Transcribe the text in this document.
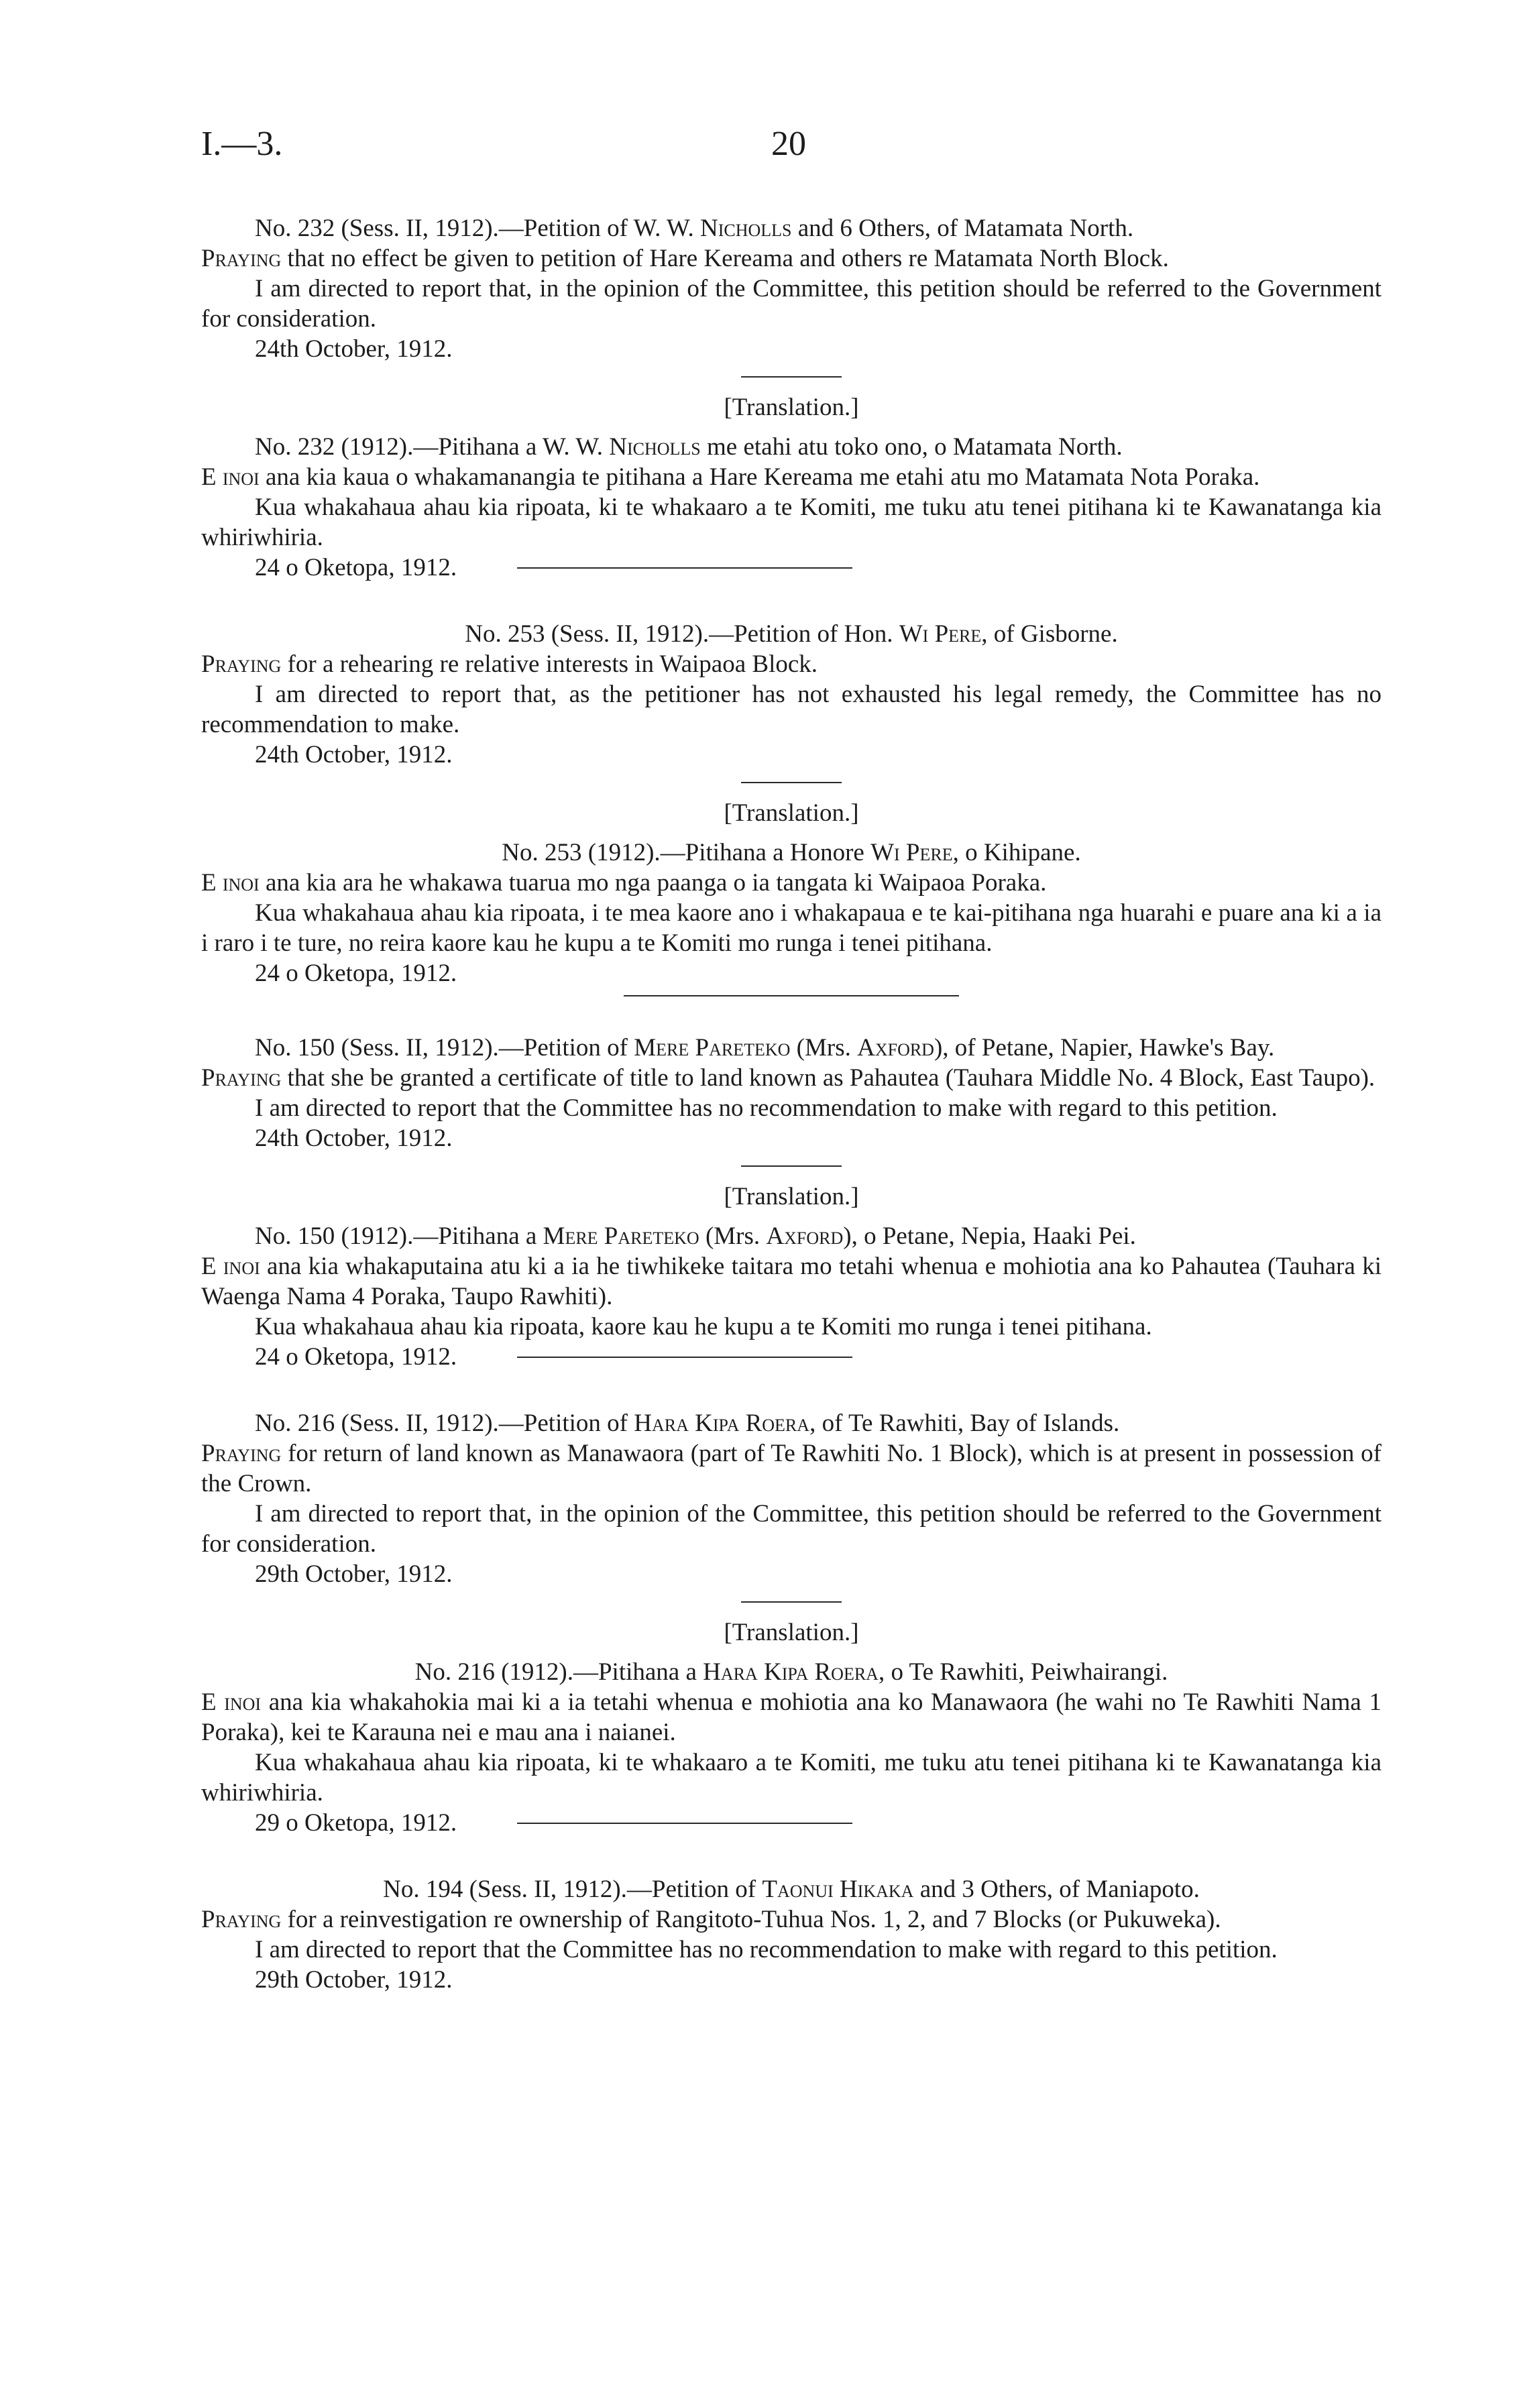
I.—3.	20

No. 232 (Sess. II, 1912).—Petition of W. W. Nicholls and 6 Others, of Matamata North.

Praying that no effect be given to petition of Hare Kereama and others re Matamata North Block.

I am directed to report that, in the opinion of the Committee, this petition should be referred to the Government for consideration.

24th October, 1912.

[Translation.]

No. 232 (1912).—Pitihana a W. W. Nicholls me etahi atu toko ono, o Matamata North.

E inoi ana kia kaua o whakamanangia te pitihana a Hare Kereama me etahi atu mo Matamata Nota Poraka.

Kua whakahaua ahau kia ripoata, ki te whakaaro a te Komiti, me tuku atu tenei pitihana ki te Kawanatanga kia whiriwhiria.

24 o Oketopa, 1912.

No. 253 (Sess. II, 1912).—Petition of Hon. Wi Pere, of Gisborne.

Praying for a rehearing re relative interests in Waipaoa Block.

I am directed to report that, as the petitioner has not exhausted his legal remedy, the Committee has no recommendation to make.

24th October, 1912.

[Translation.]

No. 253 (1912).—Pitihana a Honore Wi Pere, o Kihipane.

E inoi ana kia ara he whakawa tuarua mo nga paanga o ia tangata ki Waipaoa Poraka.

Kua whakahaua ahau kia ripoata, i te mea kaore ano i whakapaua e te kai-pitihana nga huarahi e puare ana ki a ia i raro i te ture, no reira kaore kau he kupu a te Komiti mo runga i tenei pitihana.

24 o Oketopa, 1912.

No. 150 (Sess. II, 1912).—Petition of Mere Pareteko (Mrs. Axford), of Petane, Napier, Hawke's Bay.

Praying that she be granted a certificate of title to land known as Pahautea (Tauhara Middle No. 4 Block, East Taupo).

I am directed to report that the Committee has no recommendation to make with regard to this petition.

24th October, 1912.

[Translation.]

No. 150 (1912).—Pitihana a Mere Pareteko (Mrs. Axford), o Petane, Nepia, Haaki Pei.

E inoi ana kia whakaputaina atu ki a ia he tiwhikeke taitara mo tetahi whenua e mohiotia ana ko Pahautea (Tauhara ki Waenga Nama 4 Poraka, Taupo Rawhiti).

Kua whakahaua ahau kia ripoata, kaore kau he kupu a te Komiti mo runga i tenei pitihana.

24 o Oketopa, 1912.

No. 216 (Sess. II, 1912).—Petition of Hara Kipa Roera, of Te Rawhiti, Bay of Islands.

Praying for return of land known as Manawaora (part of Te Rawhiti No. 1 Block), which is at present in possession of the Crown.

I am directed to report that, in the opinion of the Committee, this petition should be referred to the Government for consideration.

29th October, 1912.

[Translation.]

No. 216 (1912).—Pitihana a Hara Kipa Roera, o Te Rawhiti, Peiwhairangi.

E inoi ana kia whakahokia mai ki a ia tetahi whenua e mohiotia ana ko Manawaora (he wahi no Te Rawhiti Nama 1 Poraka), kei te Karauna nei e mau ana i naianei.

Kua whakahaua ahau kia ripoata, ki te whakaaro a te Komiti, me tuku atu tenei pitihana ki te Kawanatanga kia whiriwhiria.

29 o Oketopa, 1912.

No. 194 (Sess. II, 1912).—Petition of Taonui Hikaka and 3 Others, of Maniapoto.

Praying for a reinvestigation re ownership of Rangitoto-Tuhua Nos. 1, 2, and 7 Blocks (or Pukuweka).

I am directed to report that the Committee has no recommendation to make with regard to this petition.

29th October, 1912.
